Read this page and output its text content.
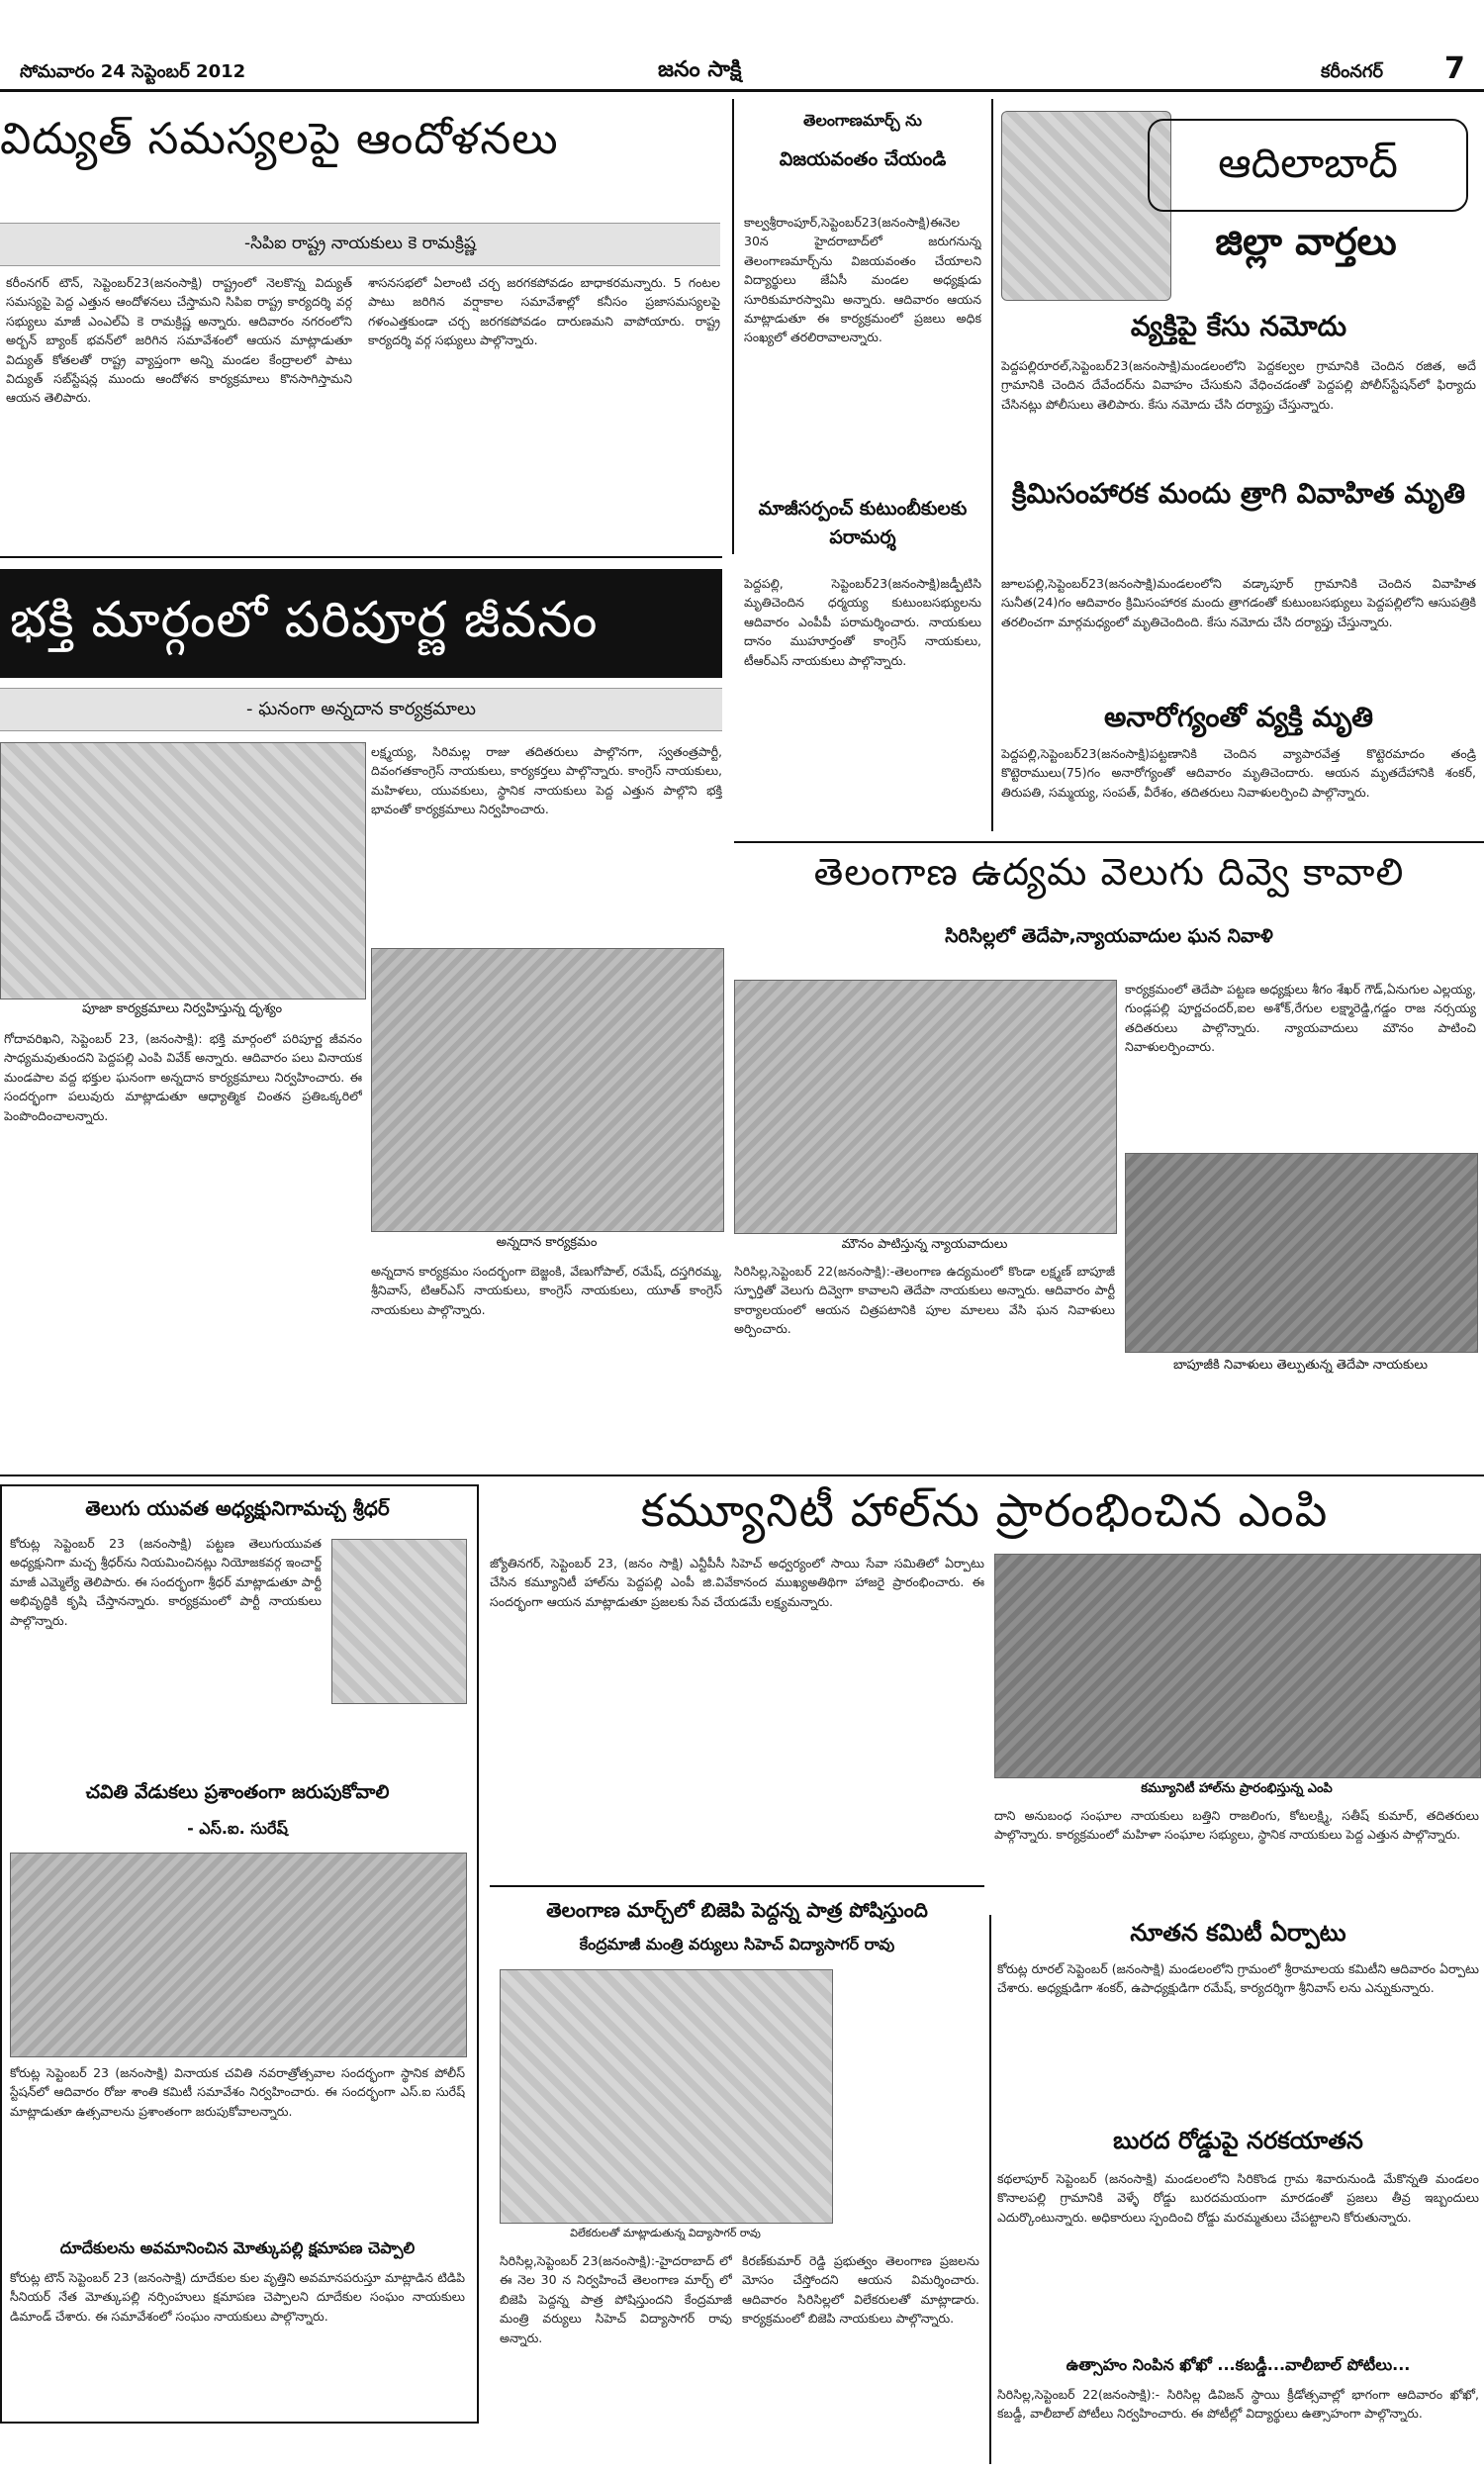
సోమవారం 24 సెప్టెంబర్ 2012	జనం సాక్షి	కరీంనగర్ 7
విద్యుత్ సమస్యలపై ఆందోళనలు
-సిపిఐ రాష్ట్ర నాయకులు కె రామక్రిష్ణ
కరీంనగర్ టౌన్, సెప్టెంబర్23(జనంసాక్షి) రాష్ట్రంలో నెలకొన్న విద్యుత్ సమస్యపై పెద్ద ఎత్తున ఆందోళనలు చేస్తామని సిపిఐ రాష్ట్ర కార్యదర్శి వర్గ సభ్యులు మాజీ ఎంఎల్ఏ కె రామక్రిష్ణ అన్నారు. ఆదివారం నగరంలోని అర్బన్ బ్యాంక్ భవన్‌లో జరిగిన సమావేశంలో ఆయన మాట్లాడుతూ విద్యుత్ కోతలతో రాష్ట్ర వ్యాప్తంగా అన్ని మండల కేంద్రాలలో పాటు విద్యుత్ సబ్‌స్టేషన్ల ముందు ఆందోళన కార్యక్రమాలు కొనసాగిస్తామని ఆయన తెలిపారు.
శాసనసభలో ఏలాంటి చర్చ జరగకపోవడం బాధాకరమన్నారు. 5 గంటల పాటు జరిగిన వర్షాకాల సమావేశాల్లో కనీసం ప్రజాసమస్యలపై గళంఎత్తకుండా చర్చ జరగకపోవడం దారుణమని వాపోయారు. రాష్ట్ర కార్యదర్శి వర్గ సభ్యులు పాల్గొన్నారు.
భక్తి మార్గంలో పరిపూర్ణ జీవనం
- ఘనంగా అన్నదాన కార్యక్రమాలు
పూజా కార్యక్రమాలు నిర్వహిస్తున్న దృశ్యం
గోదావరిఖని, సెప్టెంబర్ 23, (జనంసాక్షి): భక్తి మార్గంలో పరిపూర్ణ జీవనం సాధ్యమవుతుందని పెద్దపల్లి ఎంపి వివేక్ అన్నారు. ఆదివారం పలు వినాయక మండపాల వద్ద భక్తుల ఘనంగా అన్నదాన కార్యక్రమాలు నిర్వహించారు. ఈ సందర్భంగా పలువురు మాట్లాడుతూ ఆధ్యాత్మిక చింతన ప్రతిఒక్కరిలో పెంపొందించాలన్నారు.
లక్ష్మయ్య, సిరిమల్ల రాజు తదితరులు పాల్గొనగా, స్వతంత్రపార్టీ, దివంగతకాంగ్రెస్ నాయకులు, కార్యకర్తలు పాల్గొన్నారు. కాంగ్రెస్ నాయకులు, మహిళలు, యువకులు, స్థానిక నాయకులు పెద్ద ఎత్తున పాల్గొని భక్తి భావంతో కార్యక్రమాలు నిర్వహించారు.
అన్నదాన కార్యక్రమం
అన్నదాన కార్యక్రమం సందర్భంగా బెజ్జంకి, వేణుగోపాల్, రమేష్, దస్తగిరమ్మ, శ్రీనివాస్, టిఆర్ఎస్ నాయకులు, కాంగ్రెస్ నాయకులు, యూత్ కాంగ్రెస్ నాయకులు పాల్గొన్నారు.
తెలంగాణమార్చ్ ను
విజయవంతం చేయండి
కాల్వశ్రీరాంపూర్,సెప్టెంబర్23(జనంసాక్షి)ఈనెల 30న హైదరాబాద్‌లో జరుగనున్న తెలంగాణమార్చ్‌ను విజయవంతం చేయాలని విద్యార్థులు జేఏసీ మండల అధ్యక్షుడు సూరికుమారస్వామి అన్నారు. ఆదివారం ఆయన మాట్లాడుతూ ఈ కార్యక్రమంలో ప్రజలు అధిక సంఖ్యలో తరలిరావాలన్నారు.
మాజీసర్పంచ్ కుటుంబీకులకు పరామర్శ
పెద్దపల్లి, సెప్టెంబర్23(జనంసాక్షి)జడ్పీటిసి మృతిచెందిన ధర్మయ్య కుటుంబసభ్యులను ఆదివారం ఎంపీపీ పరామర్శించారు. నాయకులు దానం ముహూర్తంతో కాంగ్రెస్ నాయకులు, టీఆర్ఎస్ నాయకులు పాల్గొన్నారు.
ఆదిలాబాద్
జిల్లా వార్తలు
వ్యక్తిపై కేసు నమోదు
పెద్దపల్లిరూరల్,సెప్టెంబర్23(జనంసాక్షి)మండలంలోని పెద్దకల్వల గ్రామానికి చెందిన రజిత, అదే గ్రామానికి చెందిన దేవేందర్‌ను వివాహం చేసుకుని వేధించడంతో పెద్దపల్లి పోలీస్‌స్టేషన్‌లో ఫిర్యాదు చేసినట్లు పోలీసులు తెలిపారు. కేసు నమోదు చేసి దర్యాప్తు చేస్తున్నారు.
క్రిమిసంహారక మందు త్రాగి వివాహిత మృతి
జూలపల్లి,సెప్టెంబర్23(జనంసాక్షి)మండలంలోని వడ్కాపూర్ గ్రామానికి చెందిన వివాహిత సునీత(24)గం ఆదివారం క్రిమిసంహారక మందు త్రాగడంతో కుటుంబసభ్యులు పెద్దపల్లిలోని ఆసుపత్రికి తరలించగా మార్గమధ్యంలో మృతిచెందింది. కేసు నమోదు చేసి దర్యాప్తు చేస్తున్నారు.
అనారోగ్యంతో వ్యక్తి మృతి
పెద్దపల్లి,సెప్టెంబర్23(జనంసాక్షి)పట్టణానికి చెందిన వ్యాపారవేత్త కొట్టెరమాదం తండ్రి కొట్టెరాములు(75)గం అనారోగ్యంతో ఆదివారం మృతిచెందారు. ఆయన మృతదేహానికి శంకర్, తిరుపతి, సమ్మయ్య, సంపత్, వీరేశం, తదితరులు నివాళులర్పించి పాల్గొన్నారు.
తెలంగాణ ఉద్యమ వెలుగు దివ్వె కావాలి
సిరిసిల్లలో తెదేపా,న్యాయవాదుల ఘన నివాళి
మౌనం పాటిస్తున్న న్యాయవాదులు
సిరిసిల్ల,సెప్టెంబర్ 22(జనంసాక్షి):-తెలంగాణ ఉద్యమంలో కొండా లక్ష్మణ్ బాపూజీ స్ఫూర్తితో వెలుగు దివ్వెగా కావాలని తెదేపా నాయకులు అన్నారు. ఆదివారం పార్టీ కార్యాలయంలో ఆయన చిత్రపటానికి పూల మాలలు వేసి ఘన నివాళులు అర్పించారు.
కార్యక్రమంలో తెదేపా పట్టణ అధ్యక్షులు శీగం శేఖర్ గౌడ్,ఏనుగుల ఎల్లయ్య, గుండ్లపల్లి పూర్ణచందర్,ఐల అశోక్,రేగుల లక్ష్మారెడ్డి,గడ్డం రాజ నర్సయ్య తదితరులు పాల్గొన్నారు. న్యాయవాదులు మౌనం పాటించి నివాళులర్పించారు.
బాపూజీకి నివాళులు తెల్పుతున్న తెదేపా నాయకులు
తెలుగు యువత అధ్యక్షునిగామచ్చ శ్రీధర్
కోరుట్ల సెప్టెంబర్ 23 (జనంసాక్షి) పట్టణ తెలుగుయువత అధ్యక్షునిగా మచ్చ శ్రీధర్‌ను నియమించినట్లు నియోజకవర్గ ఇంచార్జ్ మాజీ ఎమ్మెల్యే తెలిపారు. ఈ సందర్భంగా శ్రీధర్ మాట్లాడుతూ పార్టీ అభివృద్ధికి కృషి చేస్తానన్నారు. కార్యక్రమంలో పార్టీ నాయకులు పాల్గొన్నారు.
చవితి వేడుకలు ప్రశాంతంగా జరుపుకోవాలి
- ఎస్.ఐ. సురేష్
కోరుట్ల సెప్టెంబర్ 23 (జనంసాక్షి) వినాయక చవితి నవరాత్రోత్సవాల సందర్భంగా స్థానిక పోలీస్ స్టేషన్‌లో ఆదివారం రోజు శాంతి కమిటీ సమావేశం నిర్వహించారు. ఈ సందర్భంగా ఎస్.ఐ సురేష్ మాట్లాడుతూ ఉత్సవాలను ప్రశాంతంగా జరుపుకోవాలన్నారు.
దూదేకులను అవమానించిన మోత్కుపల్లి క్షమాపణ చెప్పాలి
కోరుట్ల టౌన్ సెప్టెంబర్ 23 (జనంసాక్షి) దూదేకుల కుల వృత్తిని అవమానపరుస్తూ మాట్లాడిన టిడిపి సీనియర్ నేత మోత్కుపల్లి నర్సింహులు క్షమాపణ చెప్పాలని దూదేకుల సంఘం నాయకులు డిమాండ్ చేశారు. ఈ సమావేశంలో సంఘం నాయకులు పాల్గొన్నారు.
కమ్యూనిటీ హాల్‌ను ప్రారంభించిన ఎంపి
జ్యోతినగర్, సెప్టెంబర్ 23, (జనం సాక్షి) ఎన్టీపీసీ సిహెచ్ అధ్వర్యంలో సాయి సేవా సమితిలో ఏర్పాటు చేసిన కమ్యూనిటీ హాల్‌ను పెద్దపల్లి ఎంపీ జి.వివేకానంద ముఖ్యఅతిథిగా హాజరై ప్రారంభించారు. ఈ సందర్భంగా ఆయన మాట్లాడుతూ ప్రజలకు సేవ చేయడమే లక్ష్యమన్నారు.
కమ్యూనిటీ హాల్‌ను ప్రారంభిస్తున్న ఎంపి
దాని అనుబంధ సంఘాల నాయకులు బత్తిని రాజలింగు, కోటలక్ష్మి, సతీష్ కుమార్, తదితరులు పాల్గొన్నారు. కార్యక్రమంలో మహిళా సంఘాల సభ్యులు, స్థానిక నాయకులు పెద్ద ఎత్తున పాల్గొన్నారు.
తెలంగాణ మార్చ్‌లో బిజెపి పెద్దన్న పాత్ర పోషిస్తుంది
కేంద్రమాజీ మంత్రి వర్యులు సిహెచ్ విద్యాసాగర్ రావు
విలేకరులతో మాట్లాడుతున్న విద్యాసాగర్ రావు
సిరిసిల్ల,సెప్టెంబర్ 23(జనంసాక్షి):-హైదరాబాద్ లో ఈ నెల 30 న నిర్వహించే తెలంగాణ మార్చ్ లో బిజెపి పెద్దన్న పాత్ర పోషిస్తుందని కేంద్రమాజీ మంత్రి వర్యులు సిహెచ్ విద్యాసాగర్ రావు అన్నారు.
కిరణ్‌కుమార్ రెడ్డి ప్రభుత్వం తెలంగాణ ప్రజలను మోసం చేస్తోందని ఆయన విమర్శించారు. ఆదివారం సిరిసిల్లలో విలేకరులతో మాట్లాడారు. కార్యక్రమంలో బిజెపి నాయకులు పాల్గొన్నారు.
నూతన కమిటీ ఏర్పాటు
కోరుట్ల రూరల్ సెప్టెంబర్ (జనంసాక్షి) మండలంలోని గ్రామంలో శ్రీరామాలయ కమిటీని ఆదివారం ఏర్పాటు చేశారు. అధ్యక్షుడిగా శంకర్, ఉపాధ్యక్షుడిగా రమేష్, కార్యదర్శిగా శ్రీనివాస్ లను ఎన్నుకున్నారు.
బురద రోడ్డుపై నరకయాతన
కథలాపూర్ సెప్టెంబర్ (జనంసాక్షి) మండలంలోని సిరికొండ గ్రామ శివారునుండి మేకొన్నతి మండలం కొనాలపల్లి గ్రామానికి వెళ్ళే రోడ్డు బురదమయంగా మారడంతో ప్రజలు తీవ్ర ఇబ్బందులు ఎదుర్కొంటున్నారు. అధికారులు స్పందించి రోడ్డు మరమ్మతులు చేపట్టాలని కోరుతున్నారు.
ఉత్సాహం నింపిన ఖోఖో ...కబడ్డీ...వాలీబాల్ పోటీలు...
సిరిసిల్ల,సెప్టెంబర్ 22(జనంసాక్షి):- సిరిసిల్ల డివిజన్ స్థాయి క్రీడోత్సవాల్లో భాగంగా ఆదివారం ఖోఖో, కబడ్డీ, వాలీబాల్ పోటీలు నిర్వహించారు. ఈ పోటీల్లో విద్యార్థులు ఉత్సాహంగా పాల్గొన్నారు.
